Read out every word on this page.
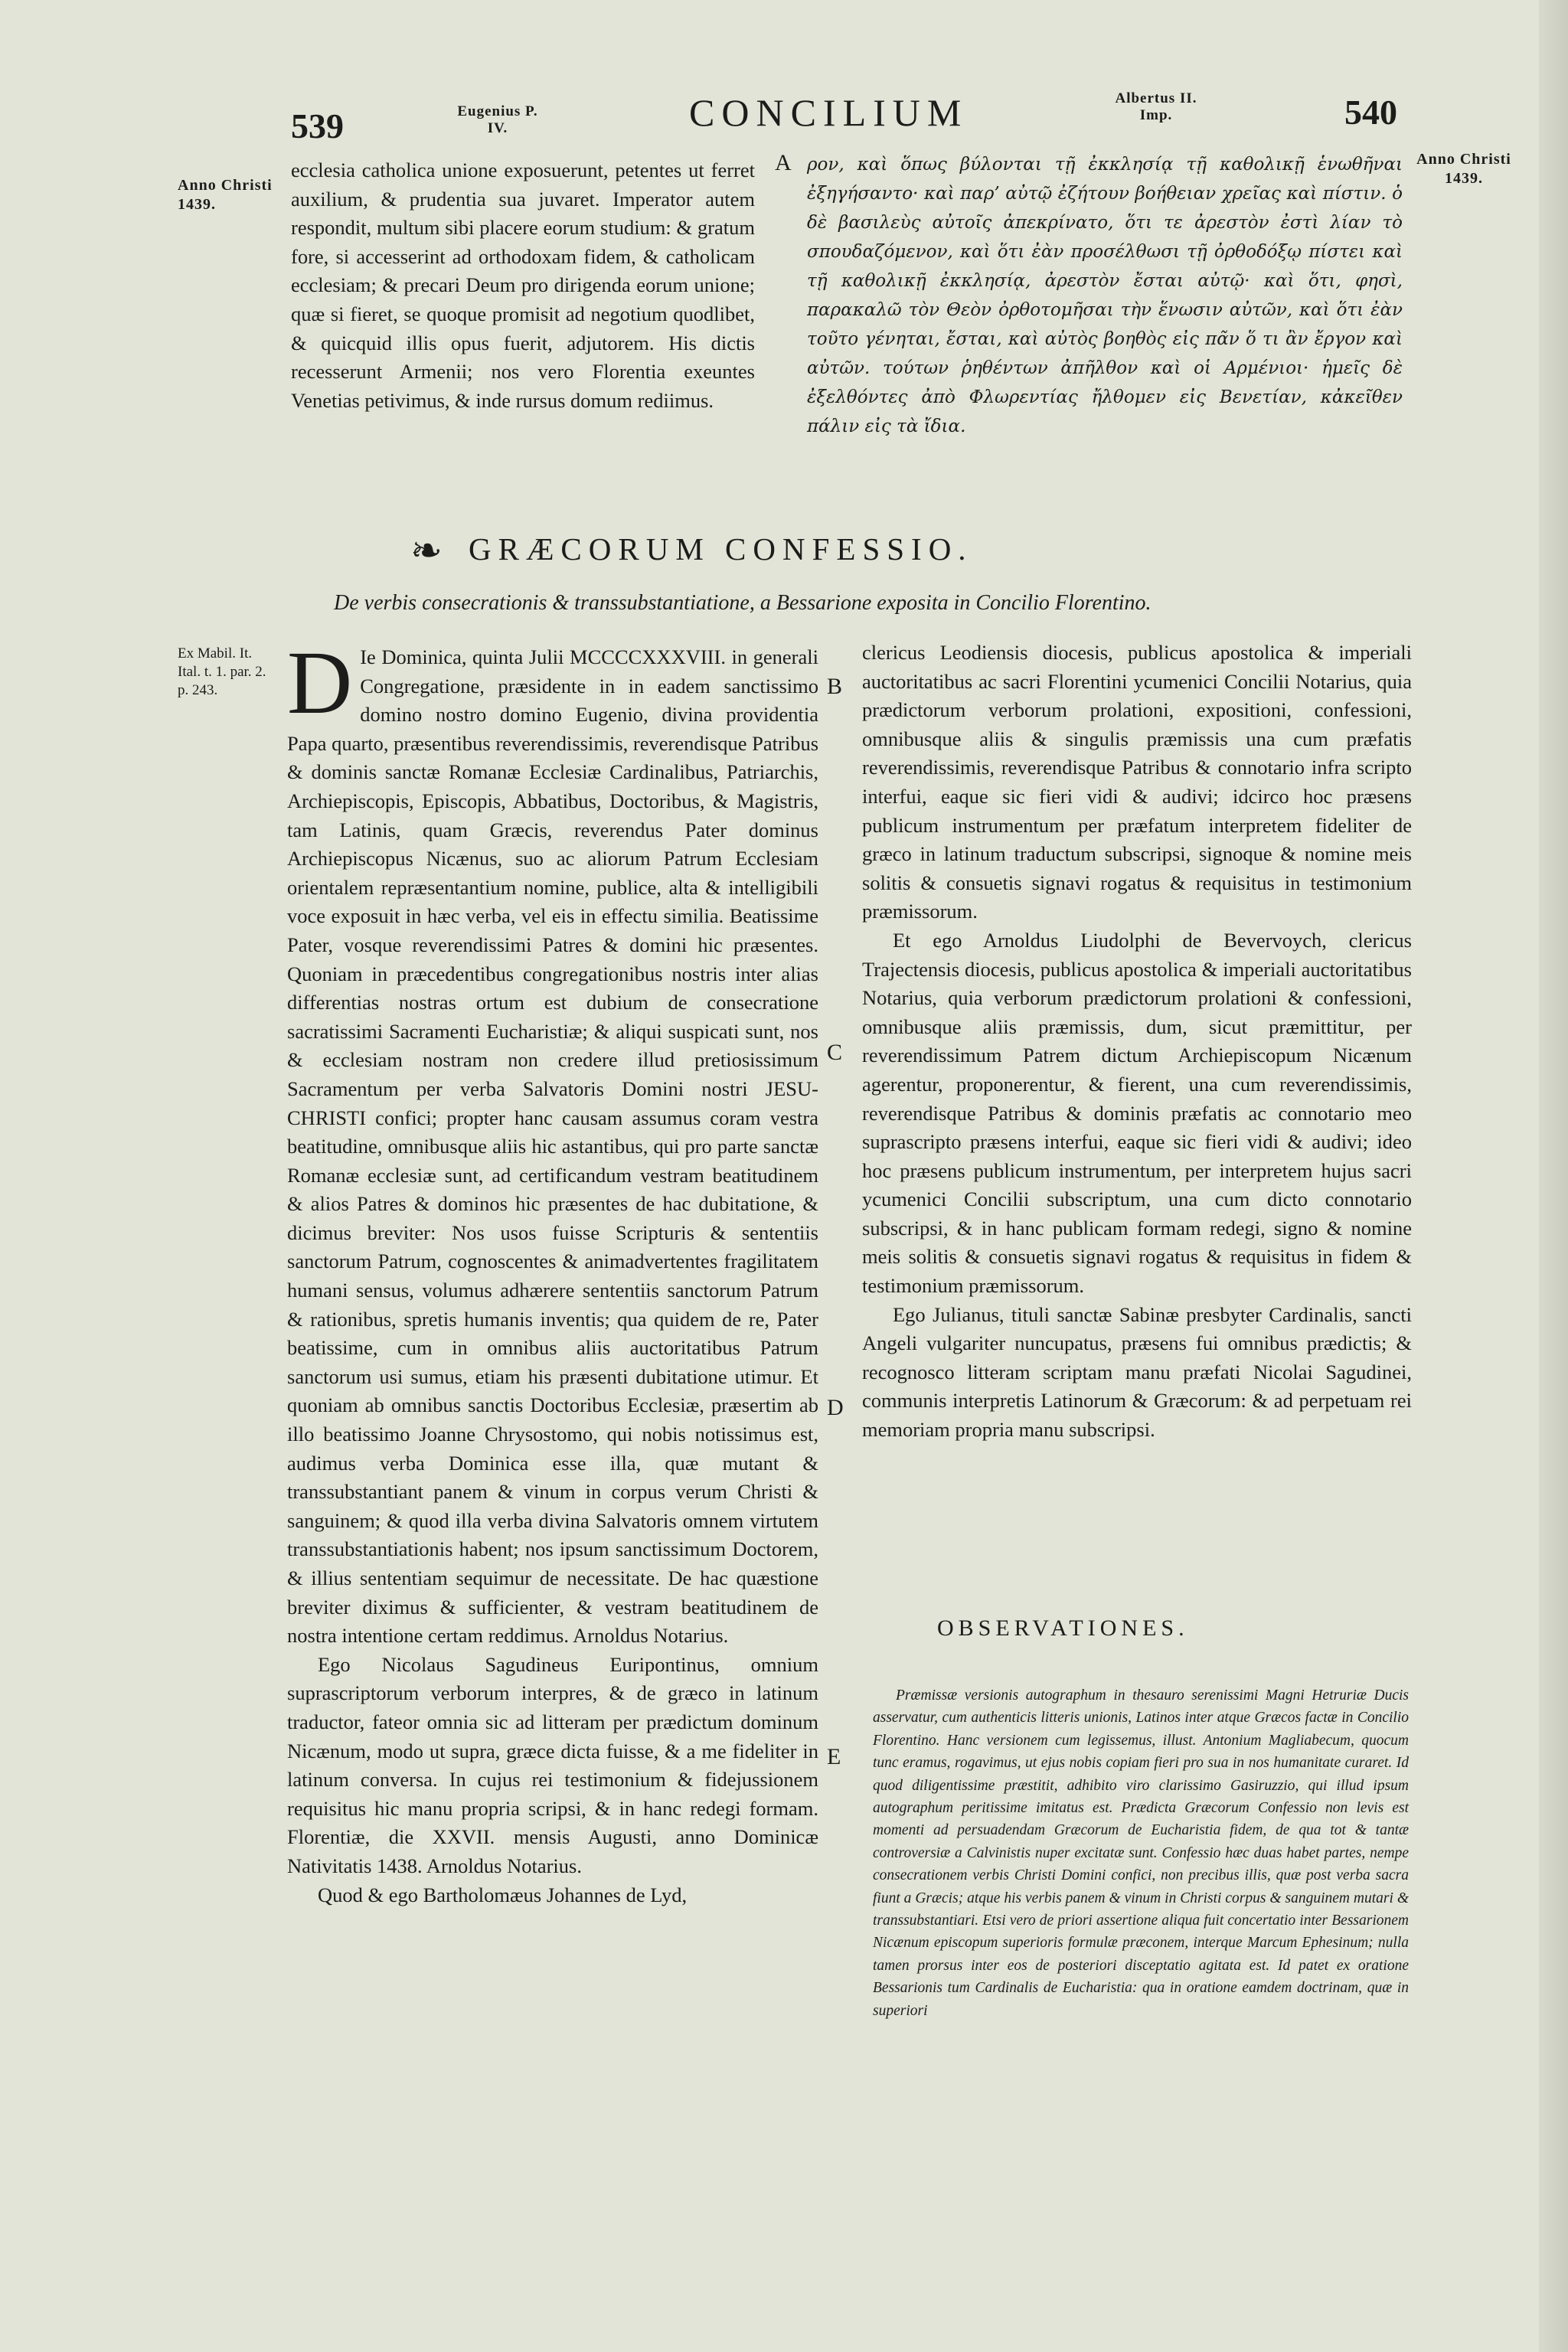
539	Eugenius P. IV.	CONCILIUM	Albertus II. Imp.	540
Anno Christi 1439.
Anno Christi 1439.
Ex Mabil. It. Ital. t. 1. par. 2. p. 243.
A
B
C
D
E
ecclesia catholica unione exposuerunt, petentes ut ferret auxilium, & prudentia sua juvaret. Imperator autem respondit, multum sibi placere eorum studium: & gratum fore, si accesserint ad orthodoxam fidem, & catholicam ecclesiam; & precari Deum pro dirigenda eorum unione; quæ si fieret, se quoque promisit ad negotium quodlibet, & quicquid illis opus fuerit, adjutorem. His dictis recesserunt Armenii; nos vero Florentia exeuntes Venetias petivimus, & inde rursus domum rediimus.
ρον, καὶ ὅπως βύλονται τῇ ἐκκλησίᾳ τῇ καθολικῇ ἑνωθῆναι ἐξηγήσαντο· καὶ παρ’ αὐτῷ ἐζήτουν βοήθειαν χρεῖας καὶ πίστιν. ὁ δὲ βασιλεὺς αὐτοῖς ἀπεκρίνατο, ὅτι τε ἀρεστὸν ἐστὶ λίαν τὸ σπουδαζόμενον, καὶ ὅτι ἐὰν προσέλθωσι τῇ ὀρθοδόξῳ πίστει καὶ τῇ καθολικῇ ἐκκλησίᾳ, ἀρεστὸν ἔσται αὐτῷ· καὶ ὅτι, φησὶ, παρακαλῶ τὸν Θεὸν ὀρθοτομῆσαι τὴν ἕνωσιν αὐτῶν, καὶ ὅτι ἐὰν τοῦτο γένηται, ἔσται, καὶ αὐτὸς βοηθὸς εἰς πᾶν ὅ τι ἂν ἔργον καὶ αὐτῶν. τούτων ῥηθέντων ἀπῆλθον καὶ οἱ Αρμένιοι· ἡμεῖς δὲ ἐξελθόντες ἀπὸ Φλωρεντίας ἤλθομεν εἰς Βενετίαν, κἀκεῖθεν πάλιν εἰς τὰ ἴδια.
❧ GRÆCORUM CONFESSIO.
De verbis consecrationis & transsubstantiatione, a Bessarione exposita in Concilio Florentino.

D Ie Dominica, quinta Julii MCCCCXXXVIII. in generali Congregatione, præsidente in in eadem sanctissimo domino nostro domino Eugenio, divina providentia Papa quarto, præsentibus reverendissimis, reverendisque Patribus & dominis sanctæ Romanæ Ecclesiæ Cardinalibus, Patriarchis, Archiepiscopis, Episcopis, Abbatibus, Doctoribus, & Magistris, tam Latinis, quam Græcis, reverendus Pater dominus Archiepiscopus Nicænus, suo ac aliorum Patrum Ecclesiam orientalem repræsentantium nomine, publice, alta & intelligibili voce exposuit in hæc verba, vel eis in effectu similia. Beatissime Pater, vosque reverendissimi Patres & domini hic præsentes. Quoniam in præcedentibus congregationibus nostris inter alias differentias nostras ortum est dubium de consecratione sacratissimi Sacramenti Eucharistiæ; & aliqui suspicati sunt, nos & ecclesiam nostram non credere illud pretiosissimum Sacramentum per verba Salvatoris Domini nostri JESU-CHRISTI confici; propter hanc causam assumus coram vestra beatitudine, omnibusque aliis hic astantibus, qui pro parte sanctæ Romanæ ecclesiæ sunt, ad certificandum vestram beatitudinem & alios Patres & dominos hic præsentes de hac dubitatione, & dicimus breviter: Nos usos fuisse Scripturis & sententiis sanctorum Patrum, cognoscentes & animadvertentes fragilitatem humani sensus, volumus adhærere sententiis sanctorum Patrum & rationibus, spretis humanis inventis; qua quidem de re, Pater beatissime, cum in omnibus aliis auctoritatibus Patrum sanctorum usi sumus, etiam his præsenti dubitatione utimur. Et quoniam ab omnibus sanctis Doctoribus Ecclesiæ, præsertim ab illo beatissimo Joanne Chrysostomo, qui nobis notissimus est, audimus verba Dominica esse illa, quæ mutant & transsubstantiant panem & vinum in corpus verum Christi & sanguinem; & quod illa verba divina Salvatoris omnem virtutem transsubstantiationis habent; nos ipsum sanctissimum Doctorem, & illius sententiam sequimur de necessitate. De hac quæstione breviter diximus & sufficienter, & vestram beatitudinem de nostra intentione certam reddimus. Arnoldus Notarius.

Ego Nicolaus Sagudineus Euripontinus, omnium suprascriptorum verborum interpres, & de græco in latinum traductor, fateor omnia sic ad litteram per prædictum dominum Nicænum, modo ut supra, græce dicta fuisse, & a me fideliter in latinum conversa. In cujus rei testimonium & fidejussionem requisitus hic manu propria scripsi, & in hanc redegi formam. Florentiæ, die XXVII. mensis Augusti, anno Dominicæ Nativitatis 1438. Arnoldus Notarius.

Quod & ego Bartholomæus Johannes de Lyd,

clericus Leodiensis diocesis, publicus apostolica & imperiali auctoritatibus ac sacri Florentini ycumenici Concilii Notarius, quia prædictorum verborum prolationi, expositioni, confessioni, omnibusque aliis & singulis præmissis una cum præfatis reverendissimis, reverendisque Patribus & connotario infra scripto interfui, eaque sic fieri vidi & audivi; idcirco hoc præsens publicum instrumentum per præfatum interpretem fideliter de græco in latinum traductum subscripsi, signoque & nomine meis solitis & consuetis signavi rogatus & requisitus in testimonium præmissorum.

Et ego Arnoldus Liudolphi de Bevervoych, clericus Trajectensis diocesis, publicus apostolica & imperiali auctoritatibus Notarius, quia verborum prædictorum prolationi & confessioni, omnibusque aliis præmissis, dum, sicut præmittitur, per reverendissimum Patrem dictum Archiepiscopum Nicænum agerentur, proponerentur, & fierent, una cum reverendissimis, reverendisque Patribus & dominis præfatis ac connotario meo suprascripto præsens interfui, eaque sic fieri vidi & audivi; ideo hoc præsens publicum instrumentum, per interpretem hujus sacri ycumenici Concilii subscriptum, una cum dicto connotario subscripsi, & in hanc publicam formam redegi, signo & nomine meis solitis & consuetis signavi rogatus & requisitus in fidem & testimonium præmissorum.

Ego Julianus, tituli sanctæ Sabinæ presbyter Cardinalis, sancti Angeli vulgariter nuncupatus, præsens fui omnibus prædictis; & recognosco litteram scriptam manu præfati Nicolai Sagudinei, communis interpretis Latinorum & Græcorum: & ad perpetuam rei memoriam propria manu subscripsi.

OBSERVATIONES.
Præmissæ versionis autographum in thesauro serenissimi Magni Hetruriæ Ducis asservatur, cum authenticis litteris unionis, Latinos inter atque Græcos factæ in Concilio Florentino. Hanc versionem cum legissemus, illust. Antonium Magliabecum, quocum tunc eramus, rogavimus, ut ejus nobis copiam fieri pro sua in nos humanitate curaret. Id quod diligentissime præstitit, adhibito viro clarissimo Gasiruzzio, qui illud ipsum autographum peritissime imitatus est. Prædicta Græcorum Confessio non levis est momenti ad persuadendam Græcorum de Eucharistia fidem, de qua tot & tantæ controversiæ a Calvinistis nuper excitatæ sunt. Confessio hæc duas habet partes, nempe consecrationem verbis Christi Domini confici, non precibus illis, quæ post verba sacra fiunt a Græcis; atque his verbis panem & vinum in Christi corpus & sanguinem mutari & transsubstantiari. Etsi vero de priori assertione aliqua fuit concertatio inter Bessarionem Nicænum episcopum superioris formulæ præconem, interque Marcum Ephesinum; nulla tamen prorsus inter eos de posteriori disceptatio agitata est. Id patet ex oratione Bessarionis tum Cardinalis de Eucharistia: qua in oratione eamdem doctrinam, quæ in superiori
